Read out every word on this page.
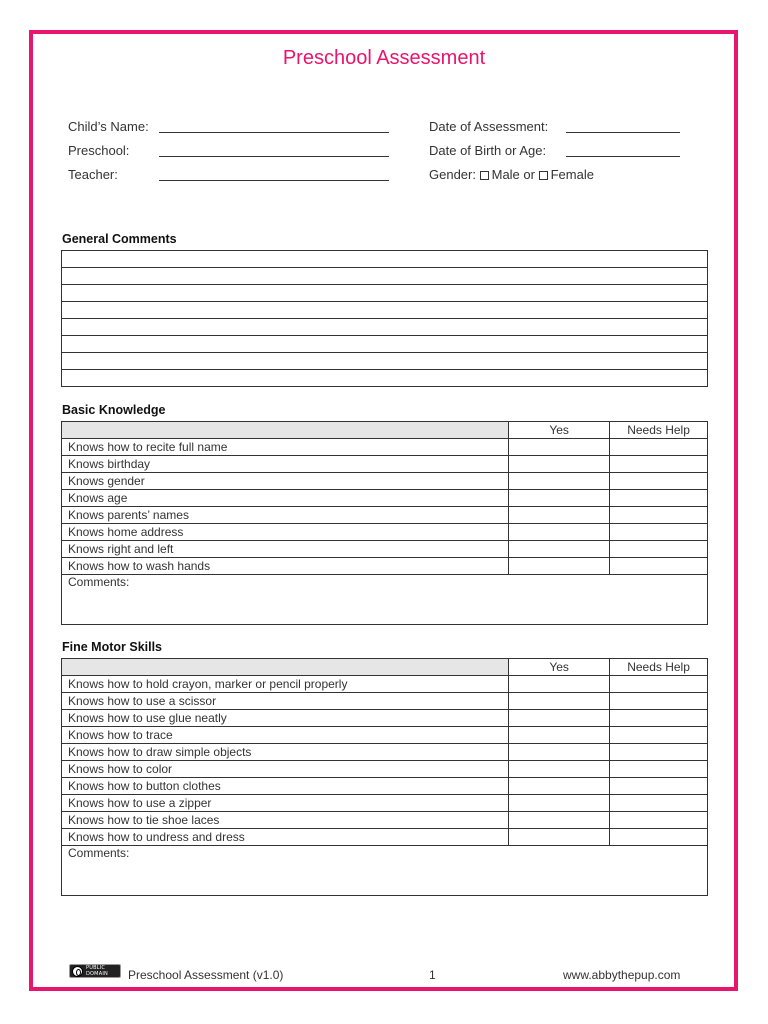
Preschool Assessment
Child’s Name:
Preschool:
Teacher:
Date of Assessment:
Date of Birth or Age:
Gender: Male or Female
General Comments
Basic Knowledge
	Yes	Needs Help
Knows how to recite full name		
Knows birthday		
Knows gender		
Knows age		
Knows parents’ names		
Knows home address		
Knows right and left		
Knows how to wash hands		
Comments:		
Fine Motor Skills
	Yes	Needs Help
Knows how to hold crayon, marker or pencil properly		
Knows how to use a scissor		
Knows how to use glue neatly		
Knows how to trace		
Knows how to draw simple objects		
Knows how to color		
Knows how to button clothes		
Knows how to use a zipper		
Knows how to tie shoe laces		
Knows how to undress and dress		
Comments:		
PUBLIC
DOMAIN Preschool Assessment (v1.0)	1	www.abbythepup.com
